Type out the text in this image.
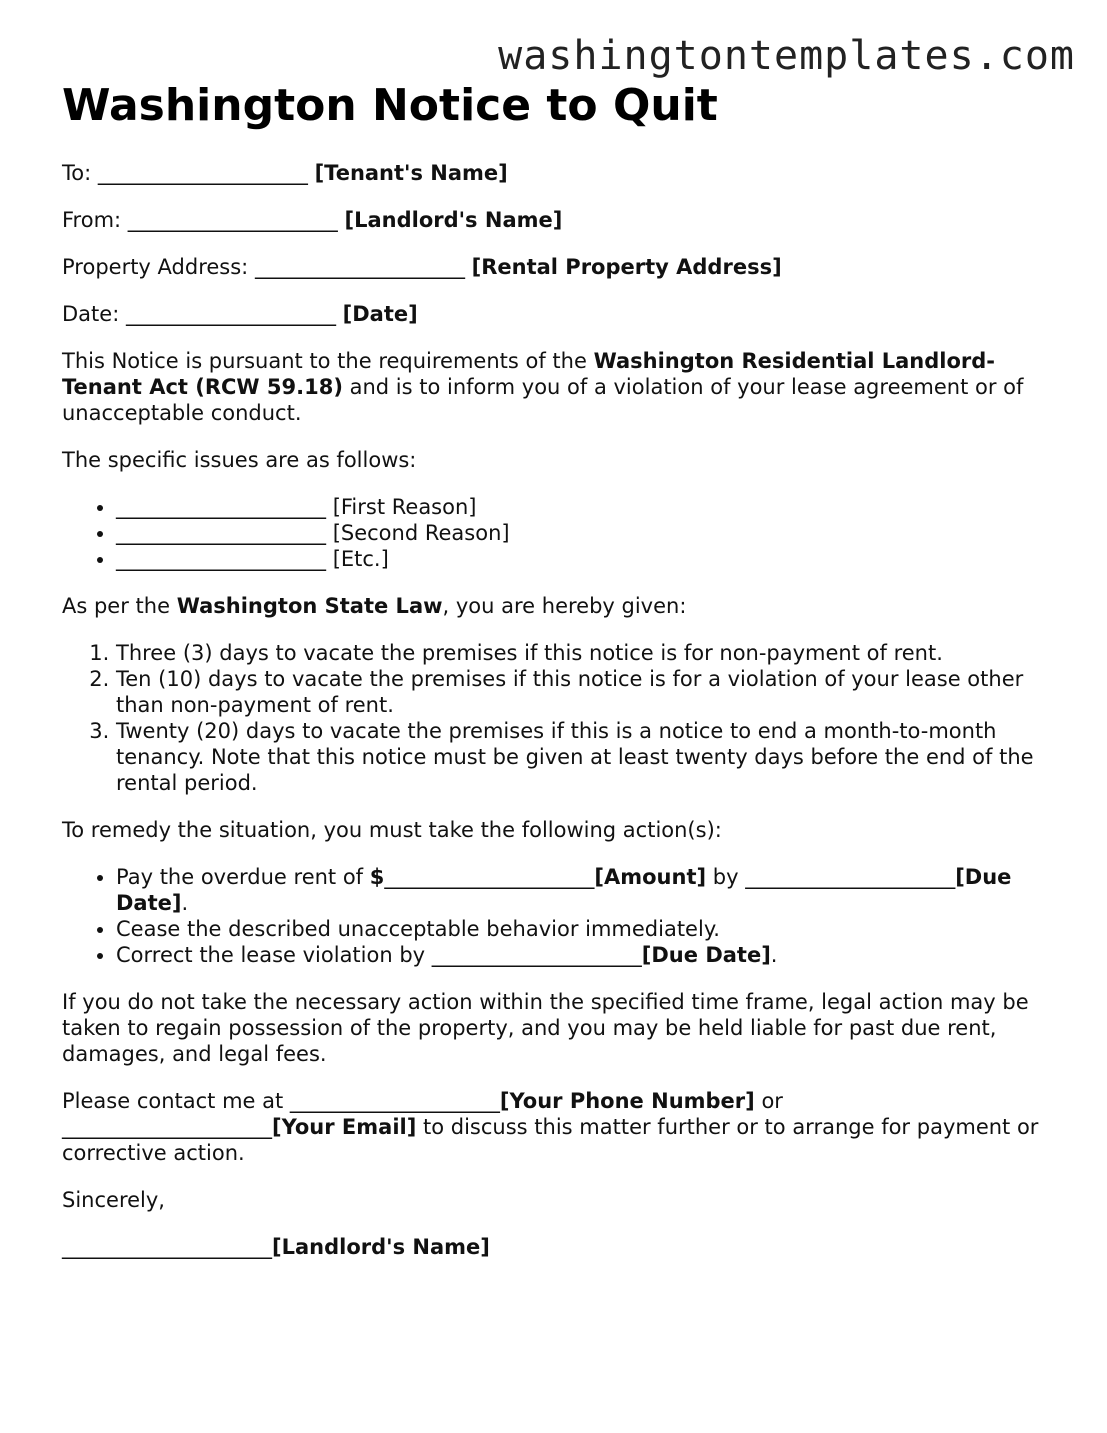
washingtontemplates.com
Washington Notice to Quit

To: ____________________ [Tenant's Name]

From: ____________________ [Landlord's Name]

Property Address: ____________________ [Rental Property Address]

Date: ____________________ [Date]

This Notice is pursuant to the requirements of the Washington Residential Landlord-Tenant Act (RCW 59.18) and is to inform you of a violation of your lease agreement or of unacceptable conduct.

The specific issues are as follows:

• ____________________ [First Reason]
• ____________________ [Second Reason]
• ____________________ [Etc.]

As per the Washington State Law, you are hereby given:

1. Three (3) days to vacate the premises if this notice is for non-payment of rent.
2. Ten (10) days to vacate the premises if this notice is for a violation of your lease other than non-payment of rent.
3. Twenty (20) days to vacate the premises if this is a notice to end a month-to-month tenancy. Note that this notice must be given at least twenty days before the end of the rental period.

To remedy the situation, you must take the following action(s):

• Pay the overdue rent of $____________________[Amount] by ____________________[Due Date].
• Cease the described unacceptable behavior immediately.
• Correct the lease violation by ____________________[Due Date].

If you do not take the necessary action within the specified time frame, legal action may be taken to regain possession of the property, and you may be held liable for past due rent, damages, and legal fees.

Please contact me at ____________________[Your Phone Number] or
____________________[Your Email] to discuss this matter further or to arrange for payment or corrective action.

Sincerely,

____________________[Landlord's Name]
